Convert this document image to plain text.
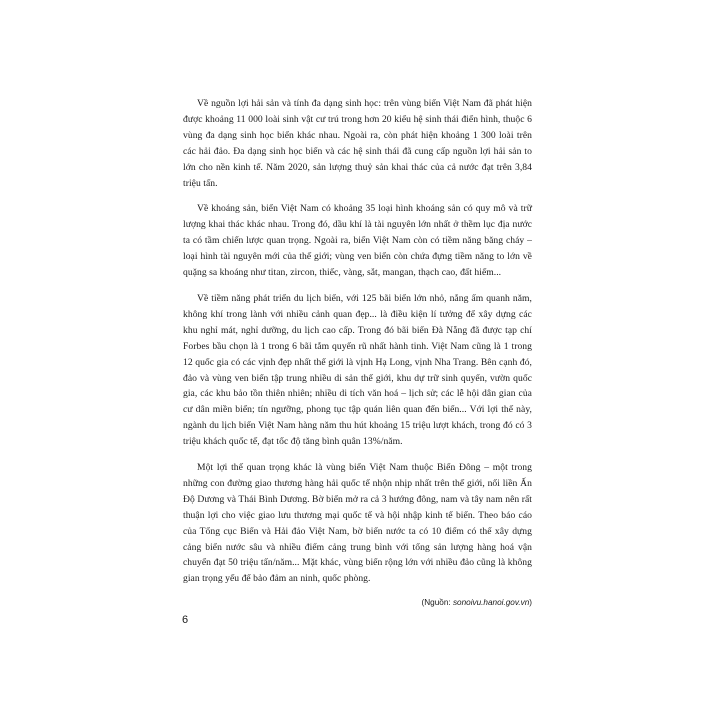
Về nguồn lợi hải sản và tính đa dạng sinh học: trên vùng biển Việt Nam đã phát hiện được khoảng 11 000 loài sinh vật cư trú trong hơn 20 kiểu hệ sinh thái điển hình, thuộc 6 vùng đa dạng sinh học biển khác nhau. Ngoài ra, còn phát hiện khoảng 1 300 loài trên các hải đảo. Đa dạng sinh học biển và các hệ sinh thái đã cung cấp nguồn lợi hải sản to lớn cho nền kinh tế. Năm 2020, sản lượng thuỷ sản khai thác của cả nước đạt trên 3,84 triệu tấn.

Về khoáng sản, biển Việt Nam có khoảng 35 loại hình khoáng sản có quy mô và trữ lượng khai thác khác nhau. Trong đó, dầu khí là tài nguyên lớn nhất ở thềm lục địa nước ta có tầm chiến lược quan trọng. Ngoài ra, biển Việt Nam còn có tiềm năng băng cháy – loại hình tài nguyên mới của thế giới; vùng ven biển còn chứa đựng tiềm năng to lớn về quặng sa khoáng như titan, zircon, thiếc, vàng, sắt, mangan, thạch cao, đất hiếm...

Về tiềm năng phát triển du lịch biển, với 125 bãi biển lớn nhỏ, nắng ấm quanh năm, không khí trong lành với nhiều cảnh quan đẹp... là điều kiện lí tưởng để xây dựng các khu nghỉ mát, nghỉ dưỡng, du lịch cao cấp. Trong đó bãi biển Đà Nẵng đã được tạp chí Forbes bầu chọn là 1 trong 6 bãi tắm quyến rũ nhất hành tinh. Việt Nam cũng là 1 trong 12 quốc gia có các vịnh đẹp nhất thế giới là vịnh Hạ Long, vịnh Nha Trang. Bên cạnh đó, đảo và vùng ven biển tập trung nhiều di sản thế giới, khu dự trữ sinh quyển, vườn quốc gia, các khu bảo tồn thiên nhiên; nhiều di tích văn hoá – lịch sử; các lễ hội dân gian của cư dân miền biển; tín ngưỡng, phong tục tập quán liên quan đến biển... Với lợi thế này, ngành du lịch biển Việt Nam hàng năm thu hút khoảng 15 triệu lượt khách, trong đó có 3 triệu khách quốc tế, đạt tốc độ tăng bình quân 13%/năm.

Một lợi thế quan trọng khác là vùng biển Việt Nam thuộc Biển Đông – một trong những con đường giao thương hàng hải quốc tế nhộn nhịp nhất trên thế giới, nối liền Ấn Độ Dương và Thái Bình Dương. Bờ biển mở ra cả 3 hướng đông, nam và tây nam nên rất thuận lợi cho việc giao lưu thương mại quốc tế và hội nhập kinh tế biển. Theo báo cáo của Tổng cục Biển và Hải đảo Việt Nam, bờ biển nước ta có 10 điểm có thể xây dựng cảng biển nước sâu và nhiều điểm cảng trung bình với tổng sản lượng hàng hoá vận chuyển đạt 50 triệu tấn/năm... Mặt khác, vùng biển rộng lớn với nhiều đảo cũng là không gian trọng yếu để bảo đảm an ninh, quốc phòng.

(Nguồn: sonoivu.hanoi.gov.vn)

6
